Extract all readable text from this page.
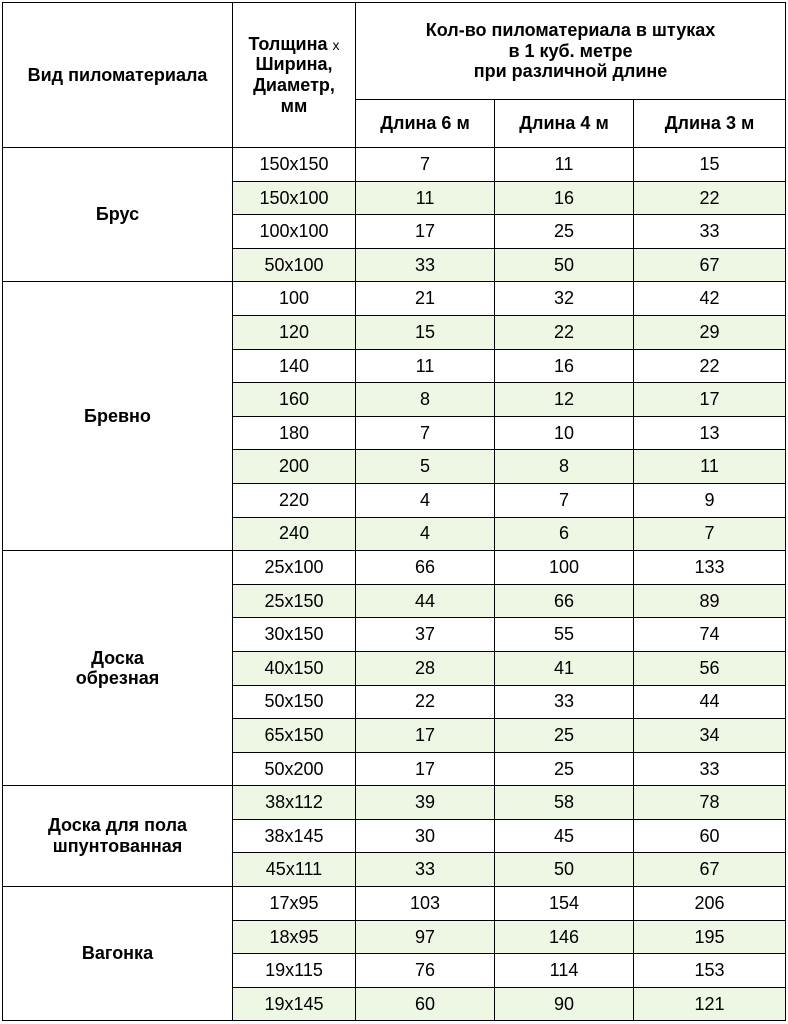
Вид пиломатериала	Толщина х
Ширина,
Диаметр,
мм	Кол-во пиломатериала в штуках
в 1 куб. метре
при различной длине		

		Длина 6 м	Длина 4 м	Длина 3 м

Брус	150х150	7	11	15
	150х100	11	16	22
	100х100	17	25	33
	50х100	33	50	67

Бревно	100	21	32	42
	120	15	22	29
	140	11	16	22
	160	8	12	17
	180	7	10	13
	200	5	8	11
	220	4	7	9
	240	4	6	7

Доска
обрезная	25х100	66	100	133
	25х150	44	66	89
	30х150	37	55	74
	40х150	28	41	56
	50х150	22	33	44
	65х150	17	25	34
	50х200	17	25	33

Доска для пола
шпунтованная	38х112	39	58	78
	38х145	30	45	60
	45х111	33	50	67

Вагонка	17х95	103	154	206
	18х95	97	146	195
	19х115	76	114	153
	19х145	60	90	121
